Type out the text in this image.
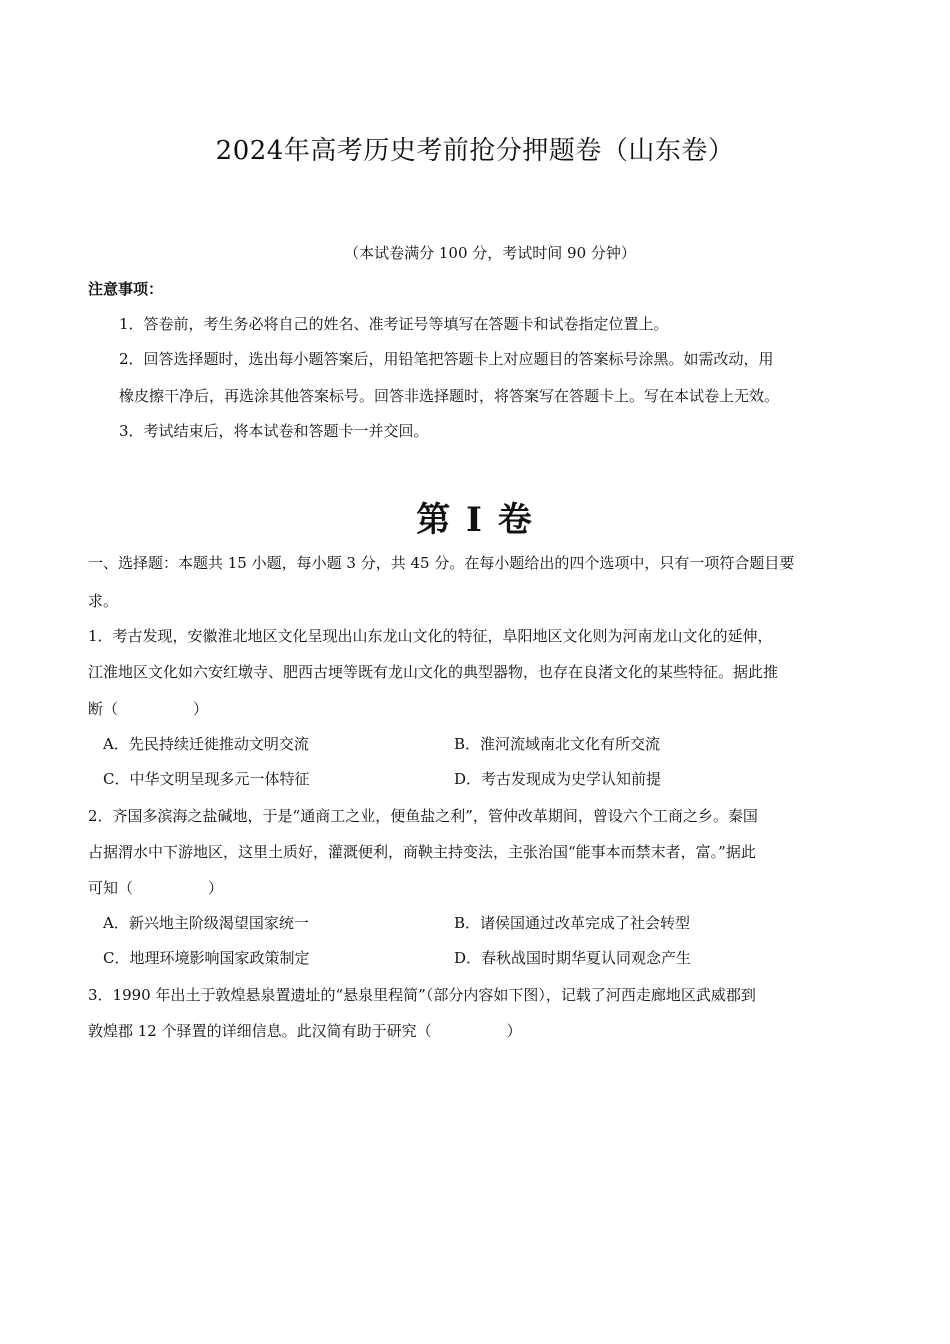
2024年高考历史考前抢分押题卷（山东卷）
（本试卷满分 100 分，考试时间 90 分钟）
注意事项：
1．答卷前，考生务必将自己的姓名、准考证号等填写在答题卡和试卷指定位置上。
2．回答选择题时，选出每小题答案后，用铅笔把答题卡上对应题目的答案标号涂黑。如需改动，用
橡皮擦干净后，再选涂其他答案标号。回答非选择题时，将答案写在答题卡上。写在本试卷上无效。
3．考试结束后，将本试卷和答题卡一并交回。
第 I 卷
一、选择题：本题共 15 小题，每小题 3 分，共 45 分。在每小题给出的四个选项中，只有一项符合题目要
求。
1．考古发现，安徽淮北地区文化呈现出山东龙山文化的特征，阜阳地区文化则为河南龙山文化的延伸，
江淮地区文化如六安红墩寺、肥西古埂等既有龙山文化的典型器物，也存在良渚文化的某些特征。据此推
断（　　　　　）
A．先民持续迁徙推动文明交流	B．淮河流域南北文化有所交流
C．中华文明呈现多元一体特征	D．考古发现成为史学认知前提
2．齐国多滨海之盐碱地，于是“通商工之业，便鱼盐之利”，管仲改革期间，曾设六个工商之乡。秦国
占据渭水中下游地区，这里土质好，灌溉便利，商鞅主持变法，主张治国“能事本而禁末者，富。”据此
可知（　　　　　）
A．新兴地主阶级渴望国家统一	B．诸侯国通过改革完成了社会转型
C．地理环境影响国家政策制定	D．春秋战国时期华夏认同观念产生
3．1990 年出土于敦煌悬泉置遗址的“悬泉里程简”（部分内容如下图），记载了河西走廊地区武威郡到
敦煌郡 12 个驿置的详细信息。此汉简有助于研究（　　　　　）
